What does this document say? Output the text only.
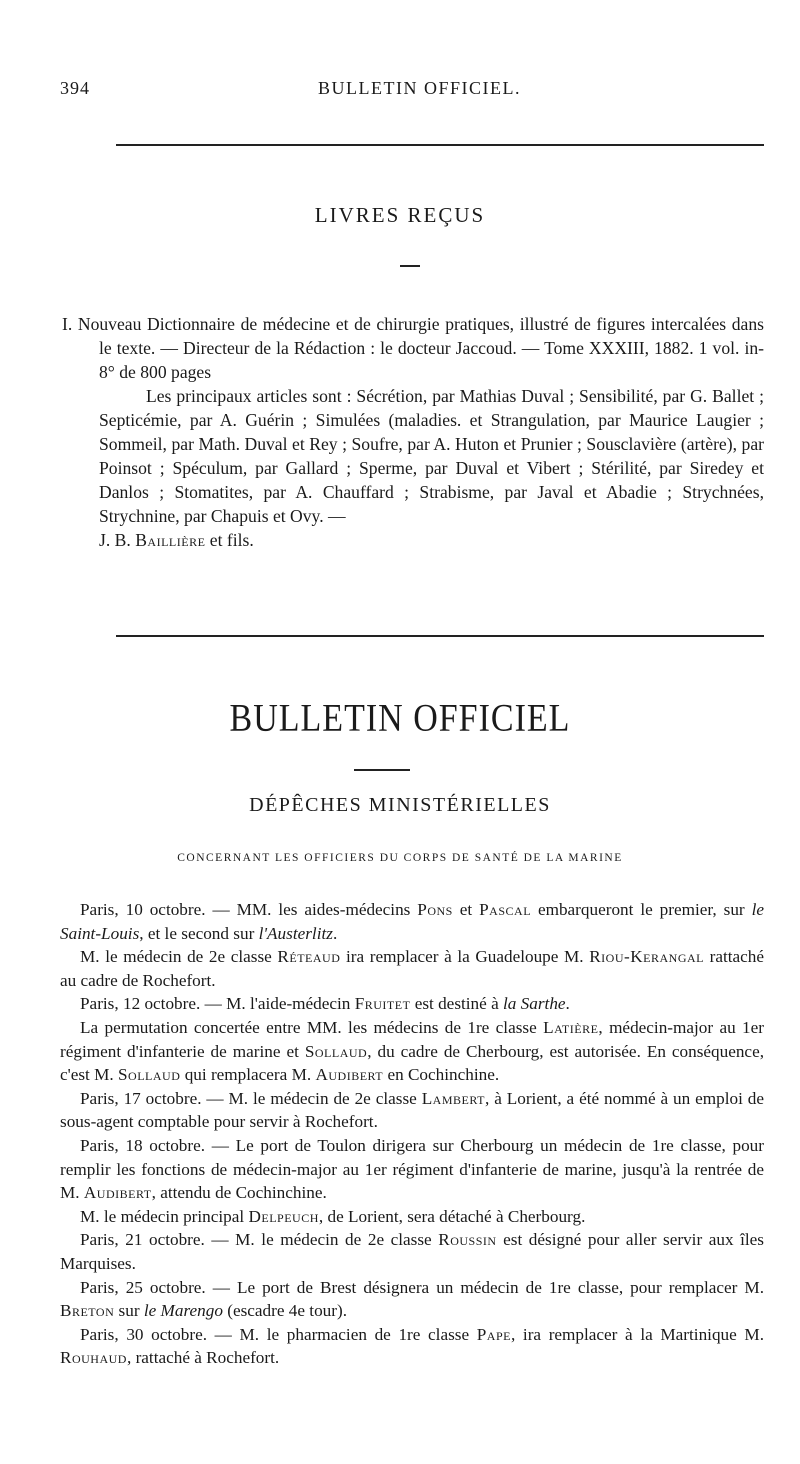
394	BULLETIN OFFICIEL.
LIVRES REÇUS

I. Nouveau Dictionnaire de médecine et de chirurgie pratiques, illustré de figures intercalées dans le texte. — Directeur de la Rédaction : le docteur Jaccoud. — Tome XXXIII, 1882. 1 vol. in-8° de 800 pages
Les principaux articles sont : Sécrétion, par Mathias Duval ; Sensibilité, par G. Ballet ; Septicémie, par A. Guérin ; Simulées (maladies. et Strangulation, par Maurice Laugier ; Sommeil, par Math. Duval et Rey ; Soufre, par A. Huton et Prunier ; Sousclavière (artère), par Poinsot ; Spéculum, par Gallard ; Sperme, par Duval et Vibert ; Stérilité, par Siredey et Danlos ; Stomatites, par A. Chauffard ; Strabisme, par Javal et Abadie ; Strychnées, Strychnine, par Chapuis et Ovy. —
J. B. Baillière et fils.

BULLETIN OFFICIEL
DÉPÊCHES MINISTÉRIELLES
CONCERNANT LES OFFICIERS DU CORPS DE SANTÉ DE LA MARINE

Paris, 10 octobre. — MM. les aides-médecins Pons et Pascal embarqueront le premier, sur le Saint-Louis, et le second sur l'Austerlitz.

M. le médecin de 2e classe Réteaud ira remplacer à la Guadeloupe M. Riou-Kerangal rattaché au cadre de Rochefort.

Paris, 12 octobre. — M. l'aide-médecin Fruitet est destiné à la Sarthe.

La permutation concertée entre MM. les médecins de 1re classe Latière, médecin-major au 1er régiment d'infanterie de marine et Sollaud, du cadre de Cherbourg, est autorisée. En conséquence, c'est M. Sollaud qui remplacera M. Audibert en Cochinchine.

Paris, 17 octobre. — M. le médecin de 2e classe Lambert, à Lorient, a été nommé à un emploi de sous-agent comptable pour servir à Rochefort.

Paris, 18 octobre. — Le port de Toulon dirigera sur Cherbourg un médecin de 1re classe, pour remplir les fonctions de médecin-major au 1er régiment d'infanterie de marine, jusqu'à la rentrée de M. Audibert, attendu de Cochinchine.

M. le médecin principal Delpeuch, de Lorient, sera détaché à Cherbourg.

Paris, 21 octobre. — M. le médecin de 2e classe Roussin est désigné pour aller servir aux îles Marquises.

Paris, 25 octobre. — Le port de Brest désignera un médecin de 1re classe, pour remplacer M. Breton sur le Marengo (escadre 4e tour).

Paris, 30 octobre. — M. le pharmacien de 1re classe Pape, ira remplacer à la Martinique M. Rouhaud, rattaché à Rochefort.
